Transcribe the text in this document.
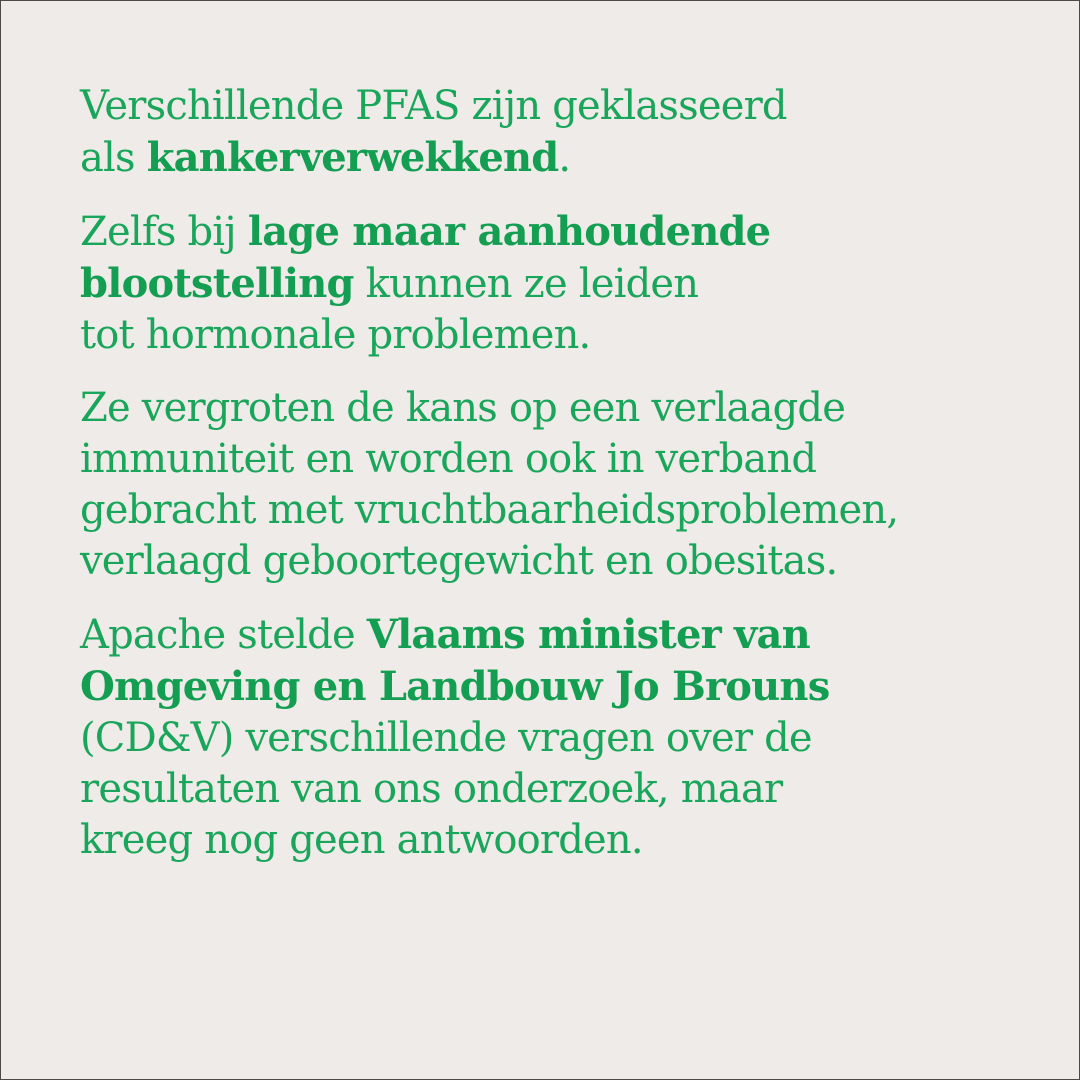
Verschillende PFAS zijn geklasseerd
als kankerverwekkend.

Zelfs bij lage maar aanhoudende
blootstelling kunnen ze leiden
tot hormonale problemen.

Ze vergroten de kans op een verlaagde
immuniteit en worden ook in verband
gebracht met vruchtbaarheidsproblemen,
verlaagd geboortegewicht en obesitas.

Apache stelde Vlaams minister van
Omgeving en Landbouw Jo Brouns
(CD&V) verschillende vragen over de
resultaten van ons onderzoek, maar
kreeg nog geen antwoorden.
